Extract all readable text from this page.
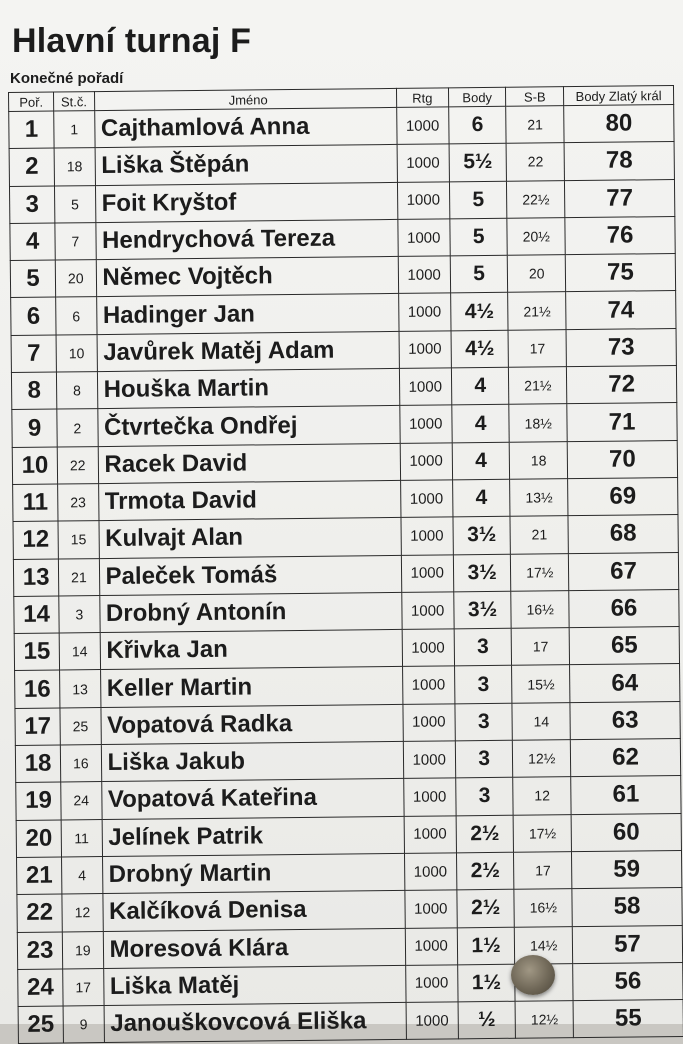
Hlavní turnaj F
Konečné pořadí
Poř.	St.č.	Jméno	Rtg	Body	S-B	Body Zlatý král
1	1	Cajthamlová Anna	1000	6	21	80
2	18	Liška Štěpán	1000	5½	22	78
3	5	Foit Kryštof	1000	5	22½	77
4	7	Hendrychová Tereza	1000	5	20½	76
5	20	Němec Vojtěch	1000	5	20	75
6	6	Hadinger Jan	1000	4½	21½	74
7	10	Javůrek Matěj Adam	1000	4½	17	73
8	8	Houška Martin	1000	4	21½	72
9	2	Čtvrtečka Ondřej	1000	4	18½	71
10	22	Racek David	1000	4	18	70
11	23	Trmota David	1000	4	13½	69
12	15	Kulvajt Alan	1000	3½	21	68
13	21	Paleček Tomáš	1000	3½	17½	67
14	3	Drobný Antonín	1000	3½	16½	66
15	14	Křivka Jan	1000	3	17	65
16	13	Keller Martin	1000	3	15½	64
17	25	Vopatová Radka	1000	3	14	63
18	16	Liška Jakub	1000	3	12½	62
19	24	Vopatová Kateřina	1000	3	12	61
20	11	Jelínek Patrik	1000	2½	17½	60
21	4	Drobný Martin	1000	2½	17	59
22	12	Kalčíková Denisa	1000	2½	16½	58
23	19	Moresová Klára	1000	1½	14½	57
24	17	Liška Matěj	1000	1½		56
25	9	Janouškovcová Eliška	1000	½	12½	55
